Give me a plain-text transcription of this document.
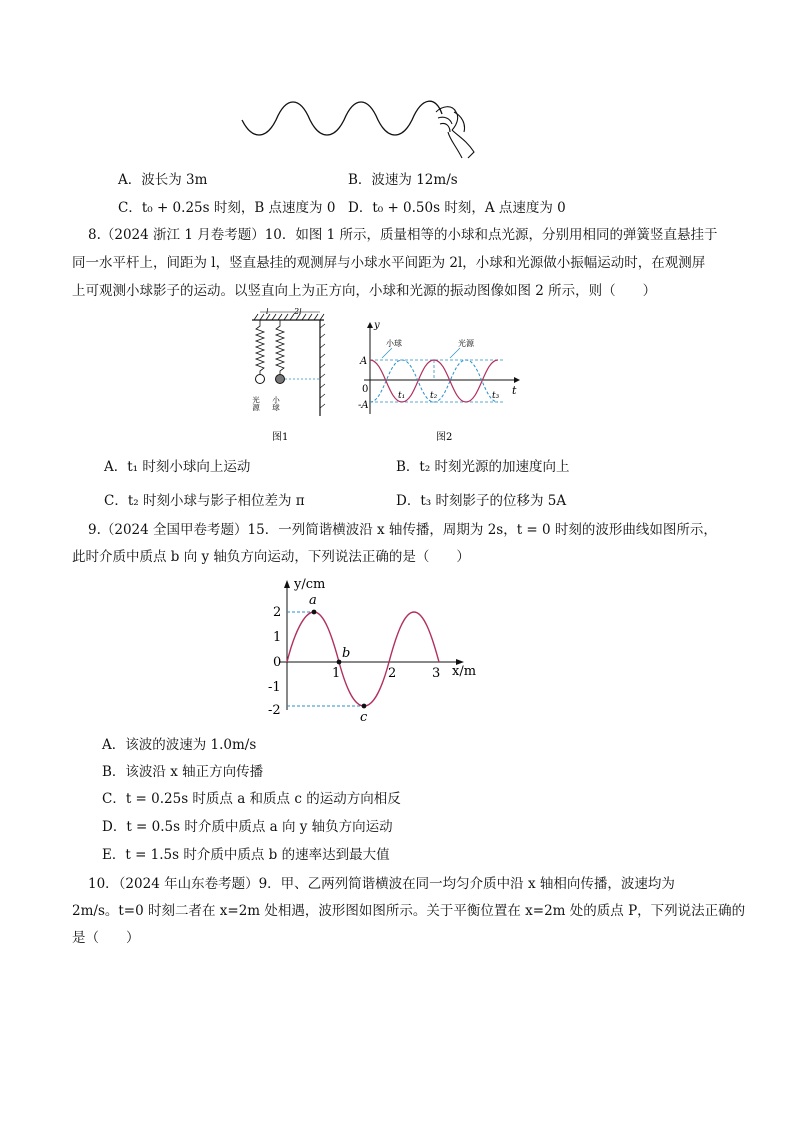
A．波长为 3m	B．波速为 12m/s
C．t₀ + 0.25s 时刻，B 点速度为 0 D．t₀ + 0.50s 时刻，A 点速度为 0
8.（2024 浙江 1 月卷考题）10．如图 1 所示，质量相等的小球和点光源，分别用相同的弹簧竖直悬挂于
同一水平杆上，间距为 l，竖直悬挂的观测屏与小球水平间距为 2l，小球和光源做小振幅运动时，在观测屏
上可观测小球影子的运动。以竖直向上为正方向，小球和光源的振动图像如图 2 所示，则（　　）
l	2l
光源 小球
图1
y
t
A
-A
0
小球	光源
t₁	t₂	t₃
图2
A．t₁ 时刻小球向上运动	B．t₂ 时刻光源的加速度向上
C．t₂ 时刻小球与影子相位差为 π	D．t₃ 时刻影子的位移为 5A
9.（2024 全国甲卷考题）15．一列简谐横波沿 x 轴传播，周期为 2s，t = 0 时刻的波形曲线如图所示，
此时介质中质点 b 向 y 轴负方向运动，下列说法正确的是（　　）
y/cm
x/m
2
1
0
-1
-2
1	2	3
a
b
c
A．该波的波速为 1.0m/s
B．该波沿 x 轴正方向传播
C．t = 0.25s 时质点 a 和质点 c 的运动方向相反
D．t = 0.5s 时介质中质点 a 向 y 轴负方向运动
E．t = 1.5s 时介质中质点 b 的速率达到最大值
10．（2024 年山东卷考题）9．甲、乙两列简谐横波在同一均匀介质中沿 x 轴相向传播，波速均为
2m/s。t=0 时刻二者在 x=2m 处相遇，波形图如图所示。关于平衡位置在 x=2m 处的质点 P，下列说法正确的
是（　　）
